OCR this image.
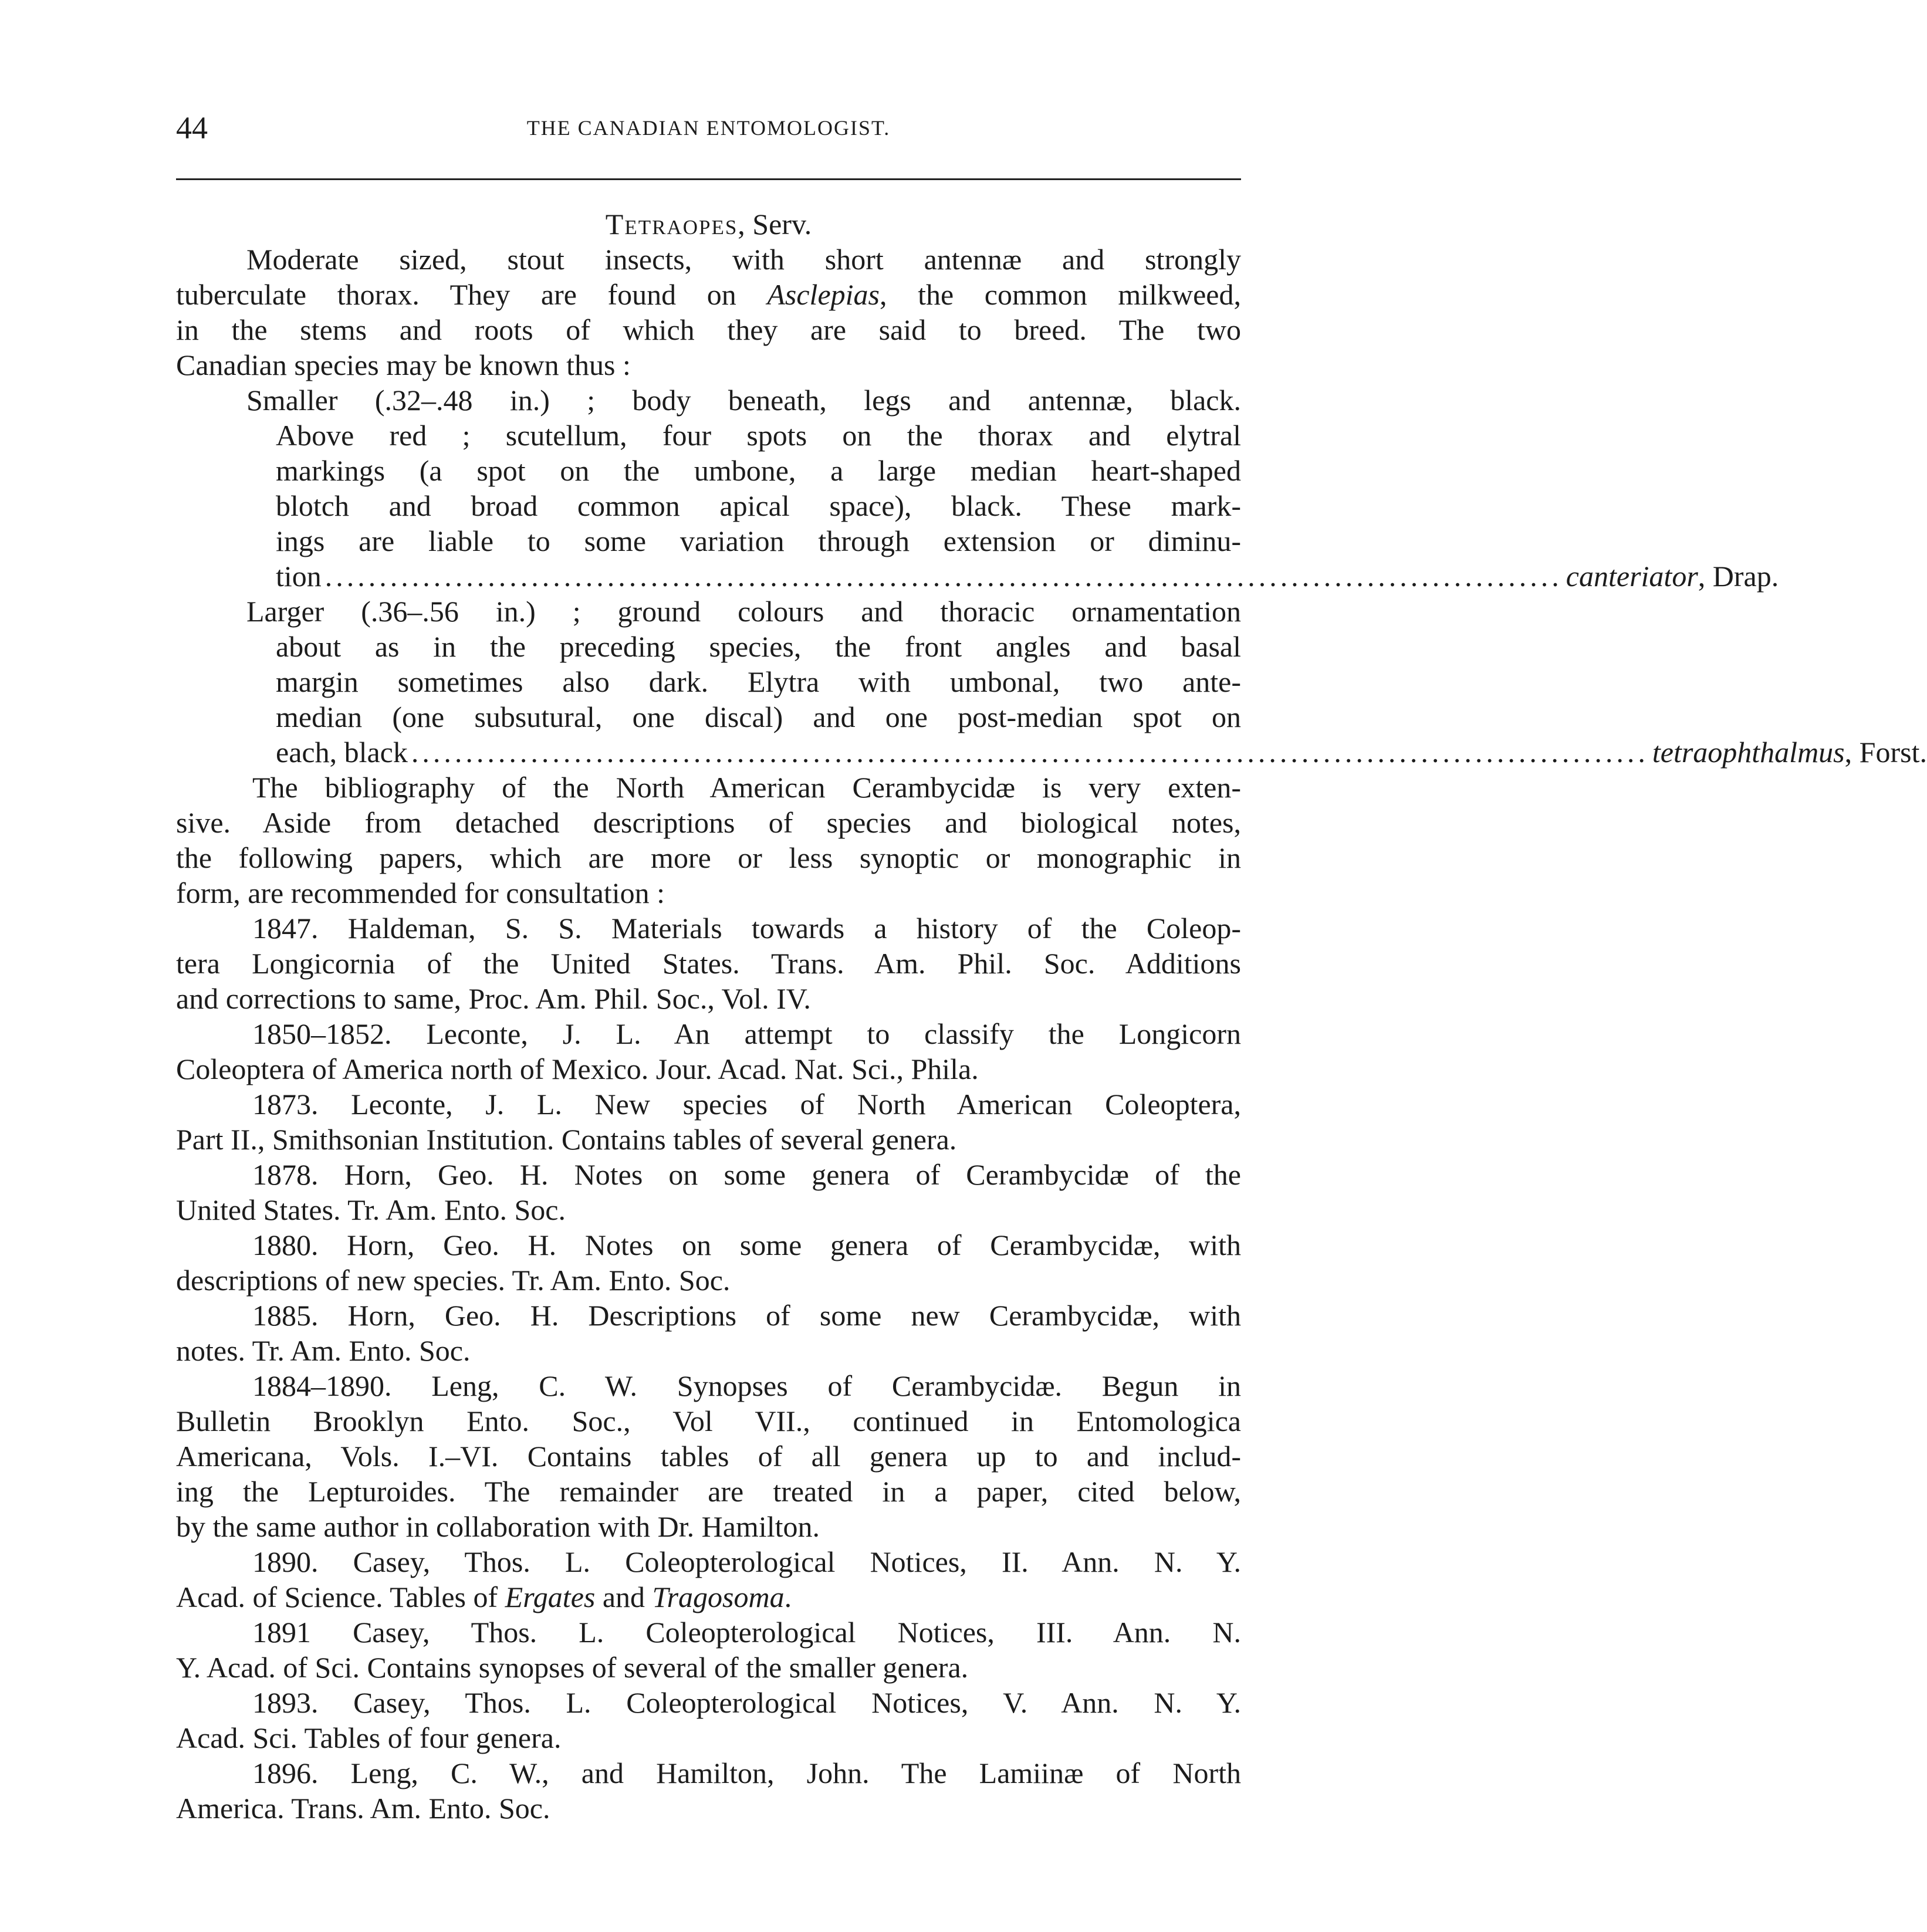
44	THE CANADIAN ENTOMOLOGIST.
Tetraopes, Serv.
Moderate sized, stout insects, with short antennæ and strongly
tuberculate thorax. They are found on Asclepias, the common milkweed,
in the stems and roots of which they are said to breed. The two
Canadian species may be known thus :
Smaller (.32–.48 in.) ; body beneath, legs and antennæ, black.
Above red ; scutellum, four spots on the thorax and elytral
markings (a spot on the umbone, a large median heart-shaped
blotch and broad common apical space), black. These mark-
ings are liable to some variation through extension or diminu-
tion .................................................................................................................. canteriator, Drap.
Larger (.36–.56 in.) ; ground colours and thoracic ornamentation
about as in the preceding species, the front angles and basal
margin sometimes also dark. Elytra with umbonal, two ante-
median (one subsutural, one discal) and one post-median spot on
each, black .................................................................................................................. tetraophthalmus, Forst.
The bibliography of the North American Cerambycidæ is very exten-
sive. Aside from detached descriptions of species and biological notes,
the following papers, which are more or less synoptic or monographic in
form, are recommended for consultation :
1847. Haldeman, S. S. Materials towards a history of the Coleop-
tera Longicornia of the United States. Trans. Am. Phil. Soc. Additions
and corrections to same, Proc. Am. Phil. Soc., Vol. IV.
1850–1852. Leconte, J. L. An attempt to classify the Longicorn
Coleoptera of America north of Mexico. Jour. Acad. Nat. Sci., Phila.
1873. Leconte, J. L. New species of North American Coleoptera,
Part II., Smithsonian Institution. Contains tables of several genera.
1878. Horn, Geo. H. Notes on some genera of Cerambycidæ of the
United States. Tr. Am. Ento. Soc.
1880. Horn, Geo. H. Notes on some genera of Cerambycidæ, with
descriptions of new species. Tr. Am. Ento. Soc.
1885. Horn, Geo. H. Descriptions of some new Cerambycidæ, with
notes. Tr. Am. Ento. Soc.
1884–1890. Leng, C. W. Synopses of Cerambycidæ. Begun in
Bulletin Brooklyn Ento. Soc., Vol VII., continued in Entomologica
Americana, Vols. I.–VI. Contains tables of all genera up to and includ-
ing the Lepturoides. The remainder are treated in a paper, cited below,
by the same author in collaboration with Dr. Hamilton.
1890. Casey, Thos. L. Coleopterological Notices, II. Ann. N. Y.
Acad. of Science. Tables of Ergates and Tragosoma.
1891 Casey, Thos. L. Coleopterological Notices, III. Ann. N.
Y. Acad. of Sci. Contains synopses of several of the smaller genera.
1893. Casey, Thos. L. Coleopterological Notices, V. Ann. N. Y.
Acad. Sci. Tables of four genera.
1896. Leng, C. W., and Hamilton, John. The Lamiinæ of North
America. Trans. Am. Ento. Soc.
